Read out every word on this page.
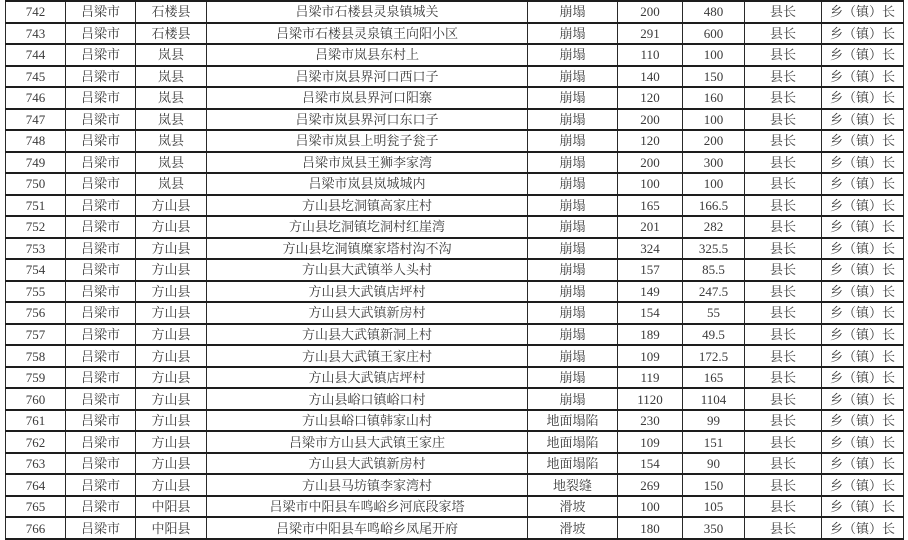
742	吕梁市	石楼县	吕梁市石楼县灵泉镇城关	崩塌	200	480	县长	乡（镇）长
743	吕梁市	石楼县	吕梁市石楼县灵泉镇王向阳小区	崩塌	291	600	县长	乡（镇）长
744	吕梁市	岚县	吕梁市岚县东村上	崩塌	110	100	县长	乡（镇）长
745	吕梁市	岚县	吕梁市岚县界河口西口子	崩塌	140	150	县长	乡（镇）长
746	吕梁市	岚县	吕梁市岚县界河口阳寨	崩塌	120	160	县长	乡（镇）长
747	吕梁市	岚县	吕梁市岚县界河口东口子	崩塌	200	100	县长	乡（镇）长
748	吕梁市	岚县	吕梁市岚县上明瓮子瓮子	崩塌	120	200	县长	乡（镇）长
749	吕梁市	岚县	吕梁市岚县王狮李家湾	崩塌	200	300	县长	乡（镇）长
750	吕梁市	岚县	吕梁市岚县岚城城内	崩塌	100	100	县长	乡（镇）长
751	吕梁市	方山县	方山县圪洞镇高家庄村	崩塌	165	166.5	县长	乡（镇）长
752	吕梁市	方山县	方山县圪洞镇圪洞村红崖湾	崩塌	201	282	县长	乡（镇）长
753	吕梁市	方山县	方山县圪洞镇糜家塔村沟不沟	崩塌	324	325.5	县长	乡（镇）长
754	吕梁市	方山县	方山县大武镇举人头村	崩塌	157	85.5	县长	乡（镇）长
755	吕梁市	方山县	方山县大武镇店坪村	崩塌	149	247.5	县长	乡（镇）长
756	吕梁市	方山县	方山县大武镇新房村	崩塌	154	55	县长	乡（镇）长
757	吕梁市	方山县	方山县大武镇新洞上村	崩塌	189	49.5	县长	乡（镇）长
758	吕梁市	方山县	方山县大武镇王家庄村	崩塌	109	172.5	县长	乡（镇）长
759	吕梁市	方山县	方山县大武镇店坪村	崩塌	119	165	县长	乡（镇）长
760	吕梁市	方山县	方山县峪口镇峪口村	崩塌	1120	1104	县长	乡（镇）长
761	吕梁市	方山县	方山县峪口镇韩家山村	地面塌陷	230	99	县长	乡（镇）长
762	吕梁市	方山县	吕梁市方山县大武镇王家庄	地面塌陷	109	151	县长	乡（镇）长
763	吕梁市	方山县	方山县大武镇新房村	地面塌陷	154	90	县长	乡（镇）长
764	吕梁市	方山县	方山县马坊镇李家湾村	地裂缝	269	150	县长	乡（镇）长
765	吕梁市	中阳县	吕梁市中阳县车鸣峪乡河底段家塔	滑坡	100	105	县长	乡（镇）长
766	吕梁市	中阳县	吕梁市中阳县车鸣峪乡凤尾开府	滑坡	180	350	县长	乡（镇）长
